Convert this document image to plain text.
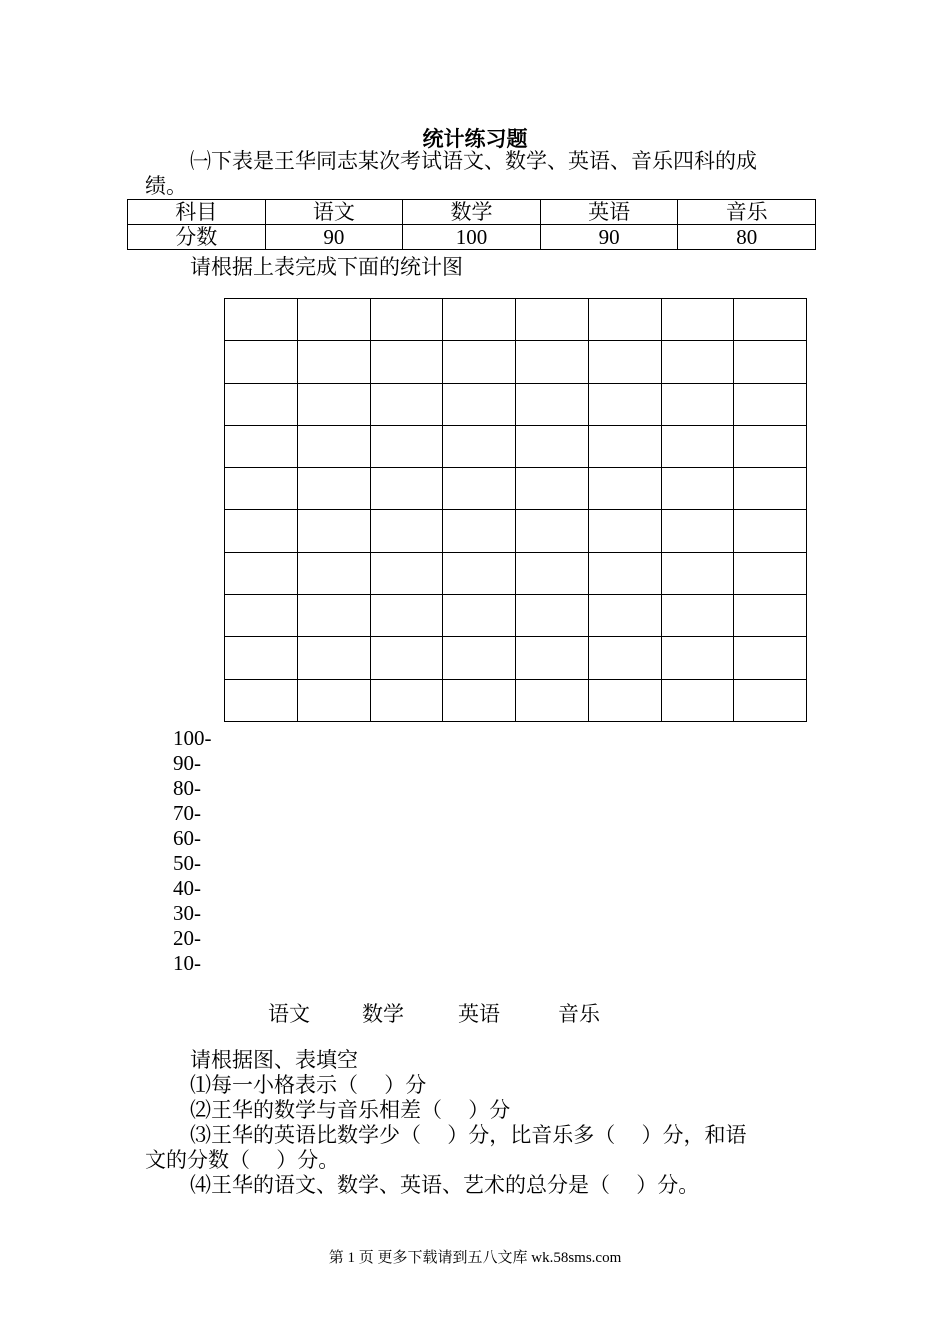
统计练习题
㈠下表是王华同志某次考试语文、数学、英语、音乐四科的成
绩。
科目	语文	数学	英语	音乐
分数	90	100	90	80
请根据上表完成下面的统计图
100-
90-
80-
70-
60-
50-
40-
30-
20-
10-
语文 数学	英语	音乐
请根据图、表填空
⑴每一小格表示（　 ）分
⑵王华的数学与音乐相差（　 ）分
⑶王华的英语比数学少（　 ）分，比音乐多（　 ）分，和语
文的分数（　 ）分。
⑷王华的语文、数学、英语、艺术的总分是（　 ）分。
第 1 页 更多下载请到五八文库 wk.58sms.com
